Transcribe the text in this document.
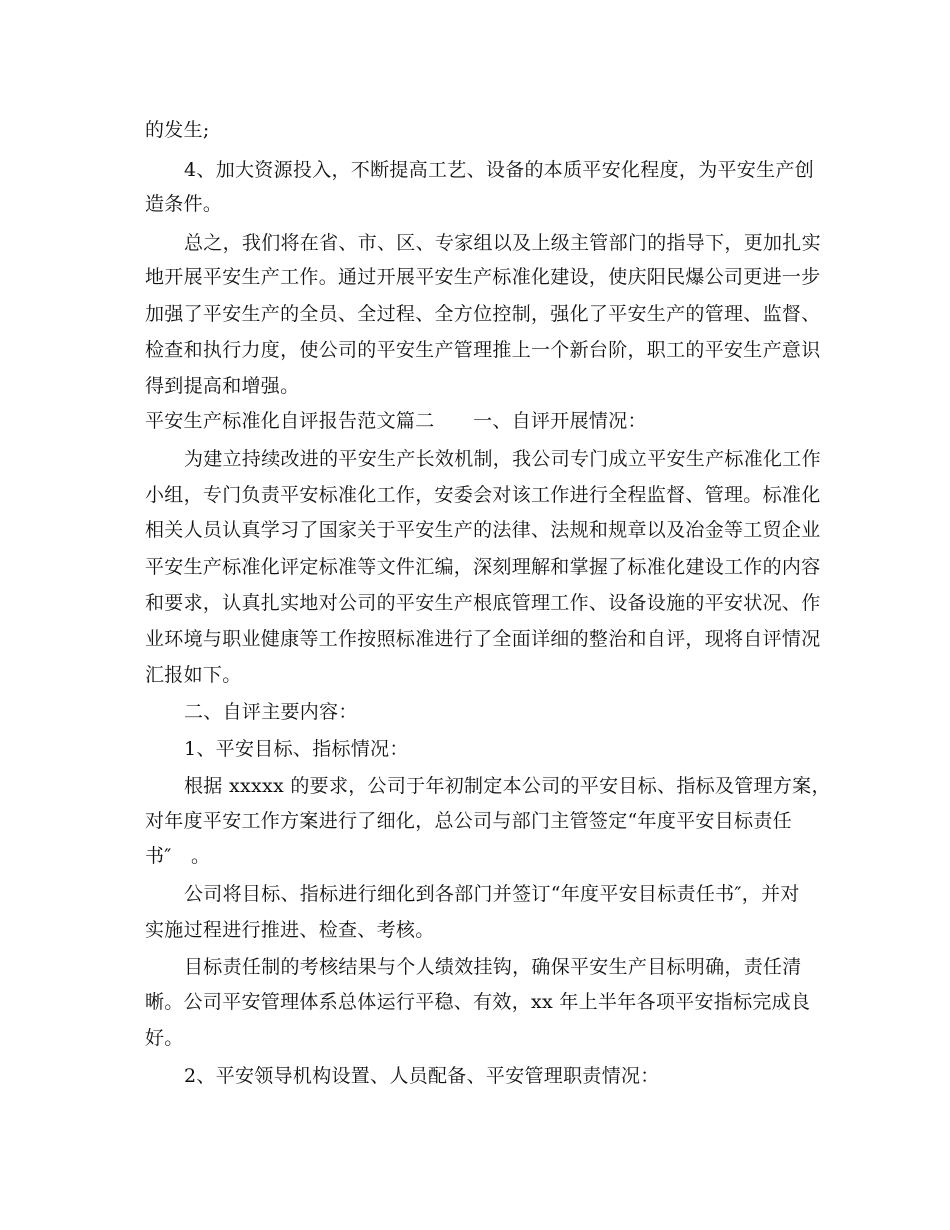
的发生;
4、加大资源投入，不断提高工艺、设备的本质平安化程度，为平安生产创
造条件。
总之，我们将在省、市、区、专家组以及上级主管部门的指导下，更加扎实
地开展平安生产工作。通过开展平安生产标准化建设，使庆阳民爆公司更进一步
加强了平安生产的全员、全过程、全方位控制，强化了平安生产的管理、监督、
检查和执行力度，使公司的平安生产管理推上一个新台阶，职工的平安生产意识
得到提高和增强。
平安生产标准化自评报告范文篇二　　一、自评开展情况：
为建立持续改进的平安生产长效机制，我公司专门成立平安生产标准化工作
小组，专门负责平安标准化工作，安委会对该工作进行全程监督、管理。标准化
相关人员认真学习了国家关于平安生产的法律、法规和规章以及冶金等工贸企业
平安生产标准化评定标准等文件汇编，深刻理解和掌握了标准化建设工作的内容
和要求，认真扎实地对公司的平安生产根底管理工作、设备设施的平安状况、作
业环境与职业健康等工作按照标准进行了全面详细的整治和自评，现将自评情况
汇报如下。
二、自评主要内容：
1、平安目标、指标情况：
根据 xxxxx 的要求，公司于年初制定本公司的平安目标、指标及管理方案，
对年度平安工作方案进行了细化，总公司与部门主管签定“年度平安目标责任
书″　。
公司将目标、指标进行细化到各部门并签订“年度平安目标责任书″，并对
实施过程进行推进、检查、考核。
目标责任制的考核结果与个人绩效挂钩，确保平安生产目标明确，责任清
晰。公司平安管理体系总体运行平稳、有效，xx 年上半年各项平安指标完成良
好。
2、平安领导机构设置、人员配备、平安管理职责情况：
